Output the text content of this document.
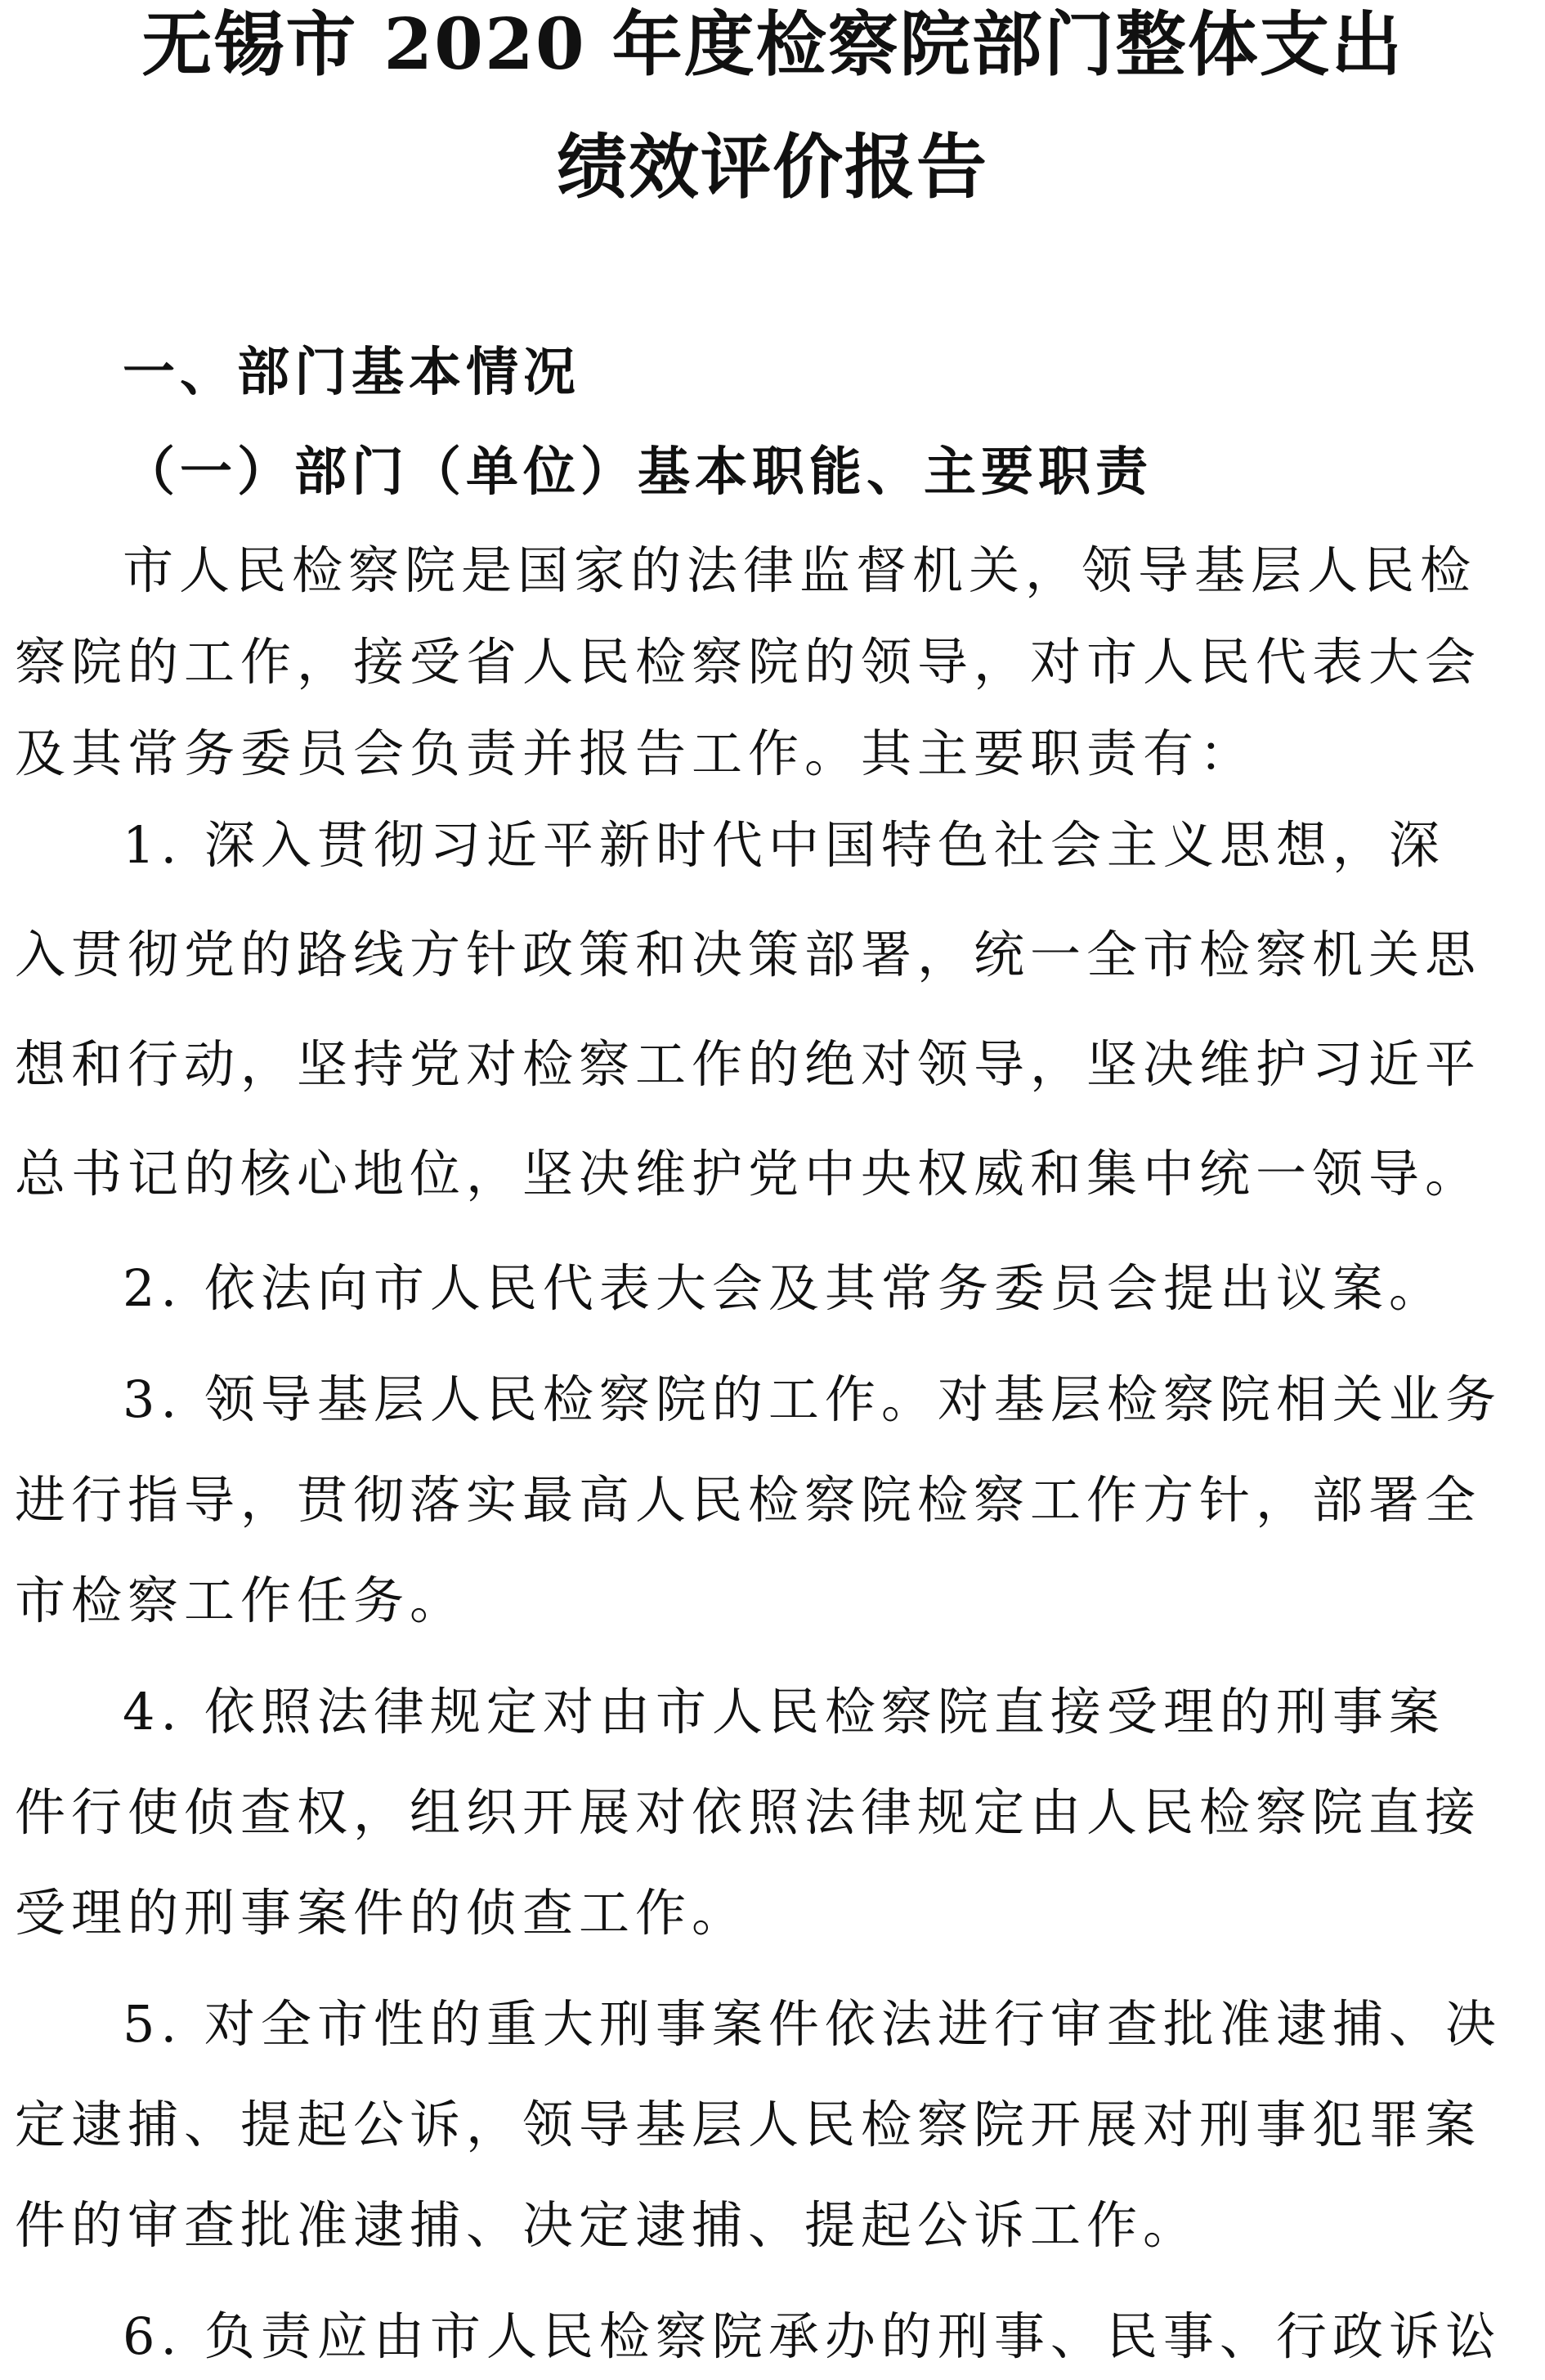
无锡市 2020 年度检察院部门整体支出
绩效评价报告
一、部门基本情况
（一）部门（单位）基本职能、主要职责

市人民检察院是国家的法律监督机关，领导基层人民检

察院的工作，接受省人民检察院的领导，对市人民代表大会

及其常务委员会负责并报告工作。其主要职责有：

1. 深入贯彻习近平新时代中国特色社会主义思想，深

入贯彻党的路线方针政策和决策部署，统一全市检察机关思

想和行动，坚持党对检察工作的绝对领导，坚决维护习近平

总书记的核心地位，坚决维护党中央权威和集中统一领导。

2. 依法向市人民代表大会及其常务委员会提出议案。

3. 领导基层人民检察院的工作。对基层检察院相关业务

进行指导，贯彻落实最高人民检察院检察工作方针，部署全

市检察工作任务。

4. 依照法律规定对由市人民检察院直接受理的刑事案

件行使侦查权，组织开展对依照法律规定由人民检察院直接

受理的刑事案件的侦查工作。

5. 对全市性的重大刑事案件依法进行审查批准逮捕、决

定逮捕、提起公诉，领导基层人民检察院开展对刑事犯罪案

件的审查批准逮捕、决定逮捕、提起公诉工作。

6. 负责应由市人民检察院承办的刑事、民事、行政诉讼
